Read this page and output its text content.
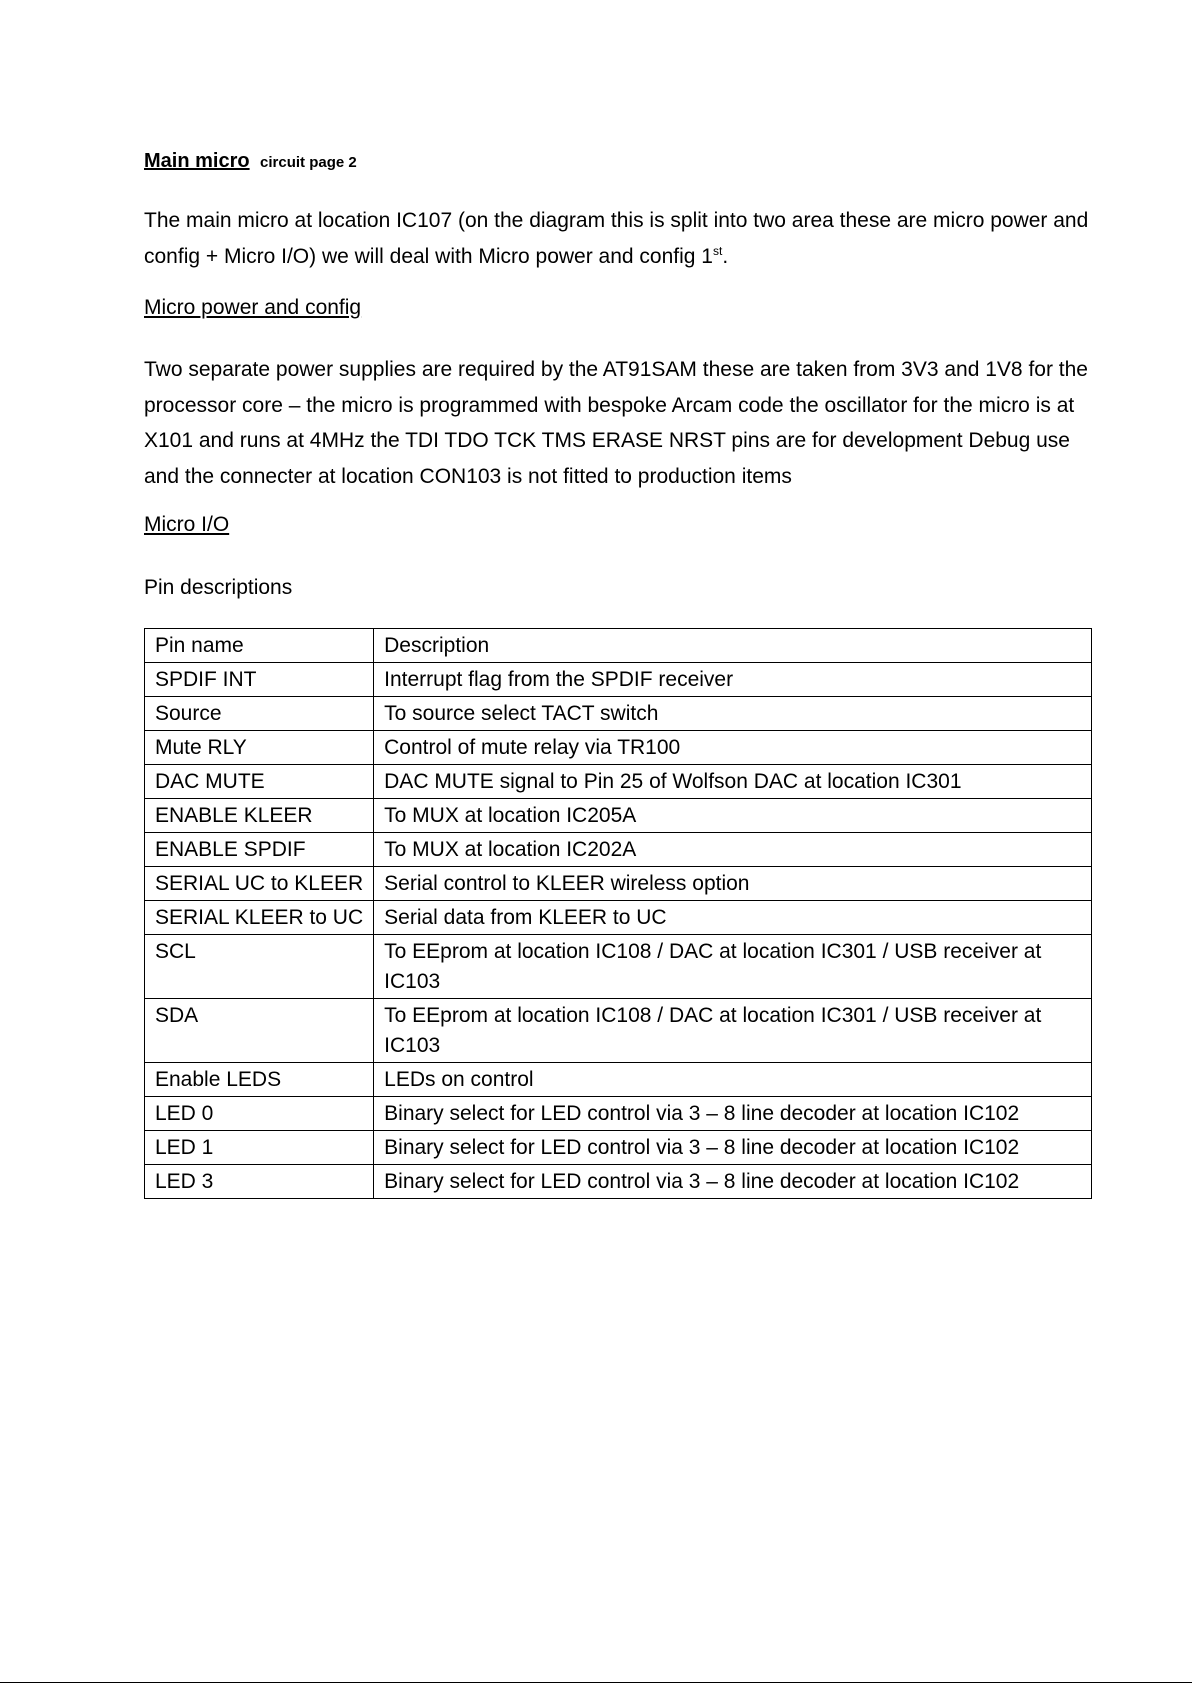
Main micro circuit page 2

The main micro at location IC107 (on the diagram this is split into two area these are micro power and config + Micro I/O) we will deal with Micro power and config 1st.

Micro power and config

Two separate power supplies are required by the AT91SAM these are taken from 3V3 and 1V8 for the processor core – the micro is programmed with bespoke Arcam code the oscillator for the micro is at X101 and runs at 4MHz the TDI TDO TCK TMS ERASE NRST pins are for development Debug use and the connecter at location CON103 is not fitted to production items

Micro I/O

Pin descriptions

Pin name	Description
SPDIF INT	Interrupt flag from the SPDIF receiver
Source	To source select TACT switch
Mute RLY	Control of mute relay via TR100
DAC MUTE	DAC MUTE signal to Pin 25 of Wolfson DAC at location IC301
ENABLE KLEER	To MUX at location IC205A
ENABLE SPDIF	To MUX at location IC202A
SERIAL UC to KLEER	Serial control to KLEER wireless option
SERIAL KLEER to UC	Serial data from KLEER to UC
SCL	To EEprom at location IC108 / DAC at location IC301 / USB receiver at IC103
SDA	To EEprom at location IC108 / DAC at location IC301 / USB receiver at IC103
Enable LEDS	LEDs on control
LED 0	Binary select for LED control via 3 – 8 line decoder at location IC102
LED 1	Binary select for LED control via 3 – 8 line decoder at location IC102
LED 3	Binary select for LED control via 3 – 8 line decoder at location IC102
